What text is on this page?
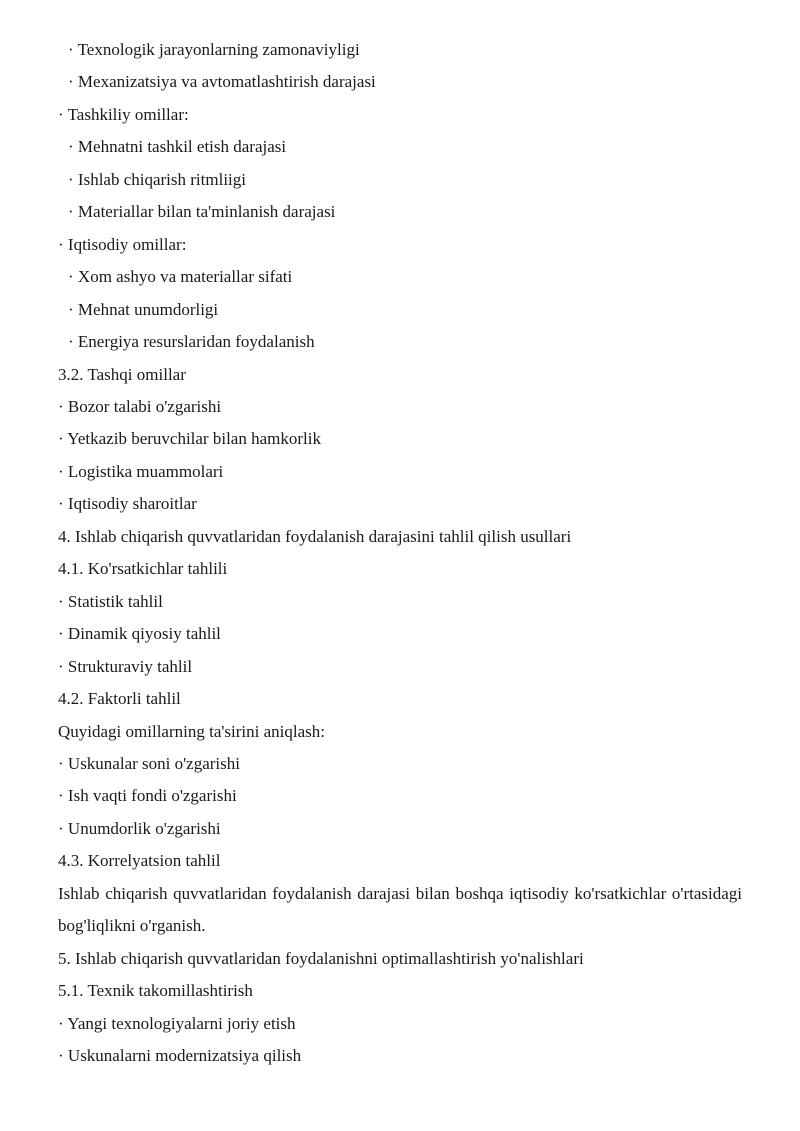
· Texnologik jarayonlarning zamonaviyligi

· Mexanizatsiya va avtomatlashtirish darajasi

· Tashkiliy omillar:

· Mehnatni tashkil etish darajasi

· Ishlab chiqarish ritmliigi

· Materiallar bilan ta'minlanish darajasi

· Iqtisodiy omillar:

· Xom ashyo va materiallar sifati

· Mehnat unumdorligi

· Energiya resurslaridan foydalanish

3.2. Tashqi omillar

· Bozor talabi o'zgarishi

· Yetkazib beruvchilar bilan hamkorlik

· Logistika muammolari

· Iqtisodiy sharoitlar

4. Ishlab chiqarish quvvatlaridan foydalanish darajasini tahlil qilish usullari

4.1. Ko'rsatkichlar tahlili

· Statistik tahlil

· Dinamik qiyosiy tahlil

· Strukturaviy tahlil

4.2. Faktorli tahlil

Quyidagi omillarning ta'sirini aniqlash:

· Uskunalar soni o'zgarishi

· Ish vaqti fondi o'zgarishi

· Unumdorlik o'zgarishi

4.3. Korrelyatsion tahlil

Ishlab chiqarish quvvatlaridan foydalanish darajasi bilan boshqa iqtisodiy ko'rsatkichlar o'rtasidagi bog'liqlikni o'rganish.

5. Ishlab chiqarish quvvatlaridan foydalanishni optimallashtirish yo'nalishlari

5.1. Texnik takomillashtirish

· Yangi texnologiyalarni joriy etish

· Uskunalarni modernizatsiya qilish
